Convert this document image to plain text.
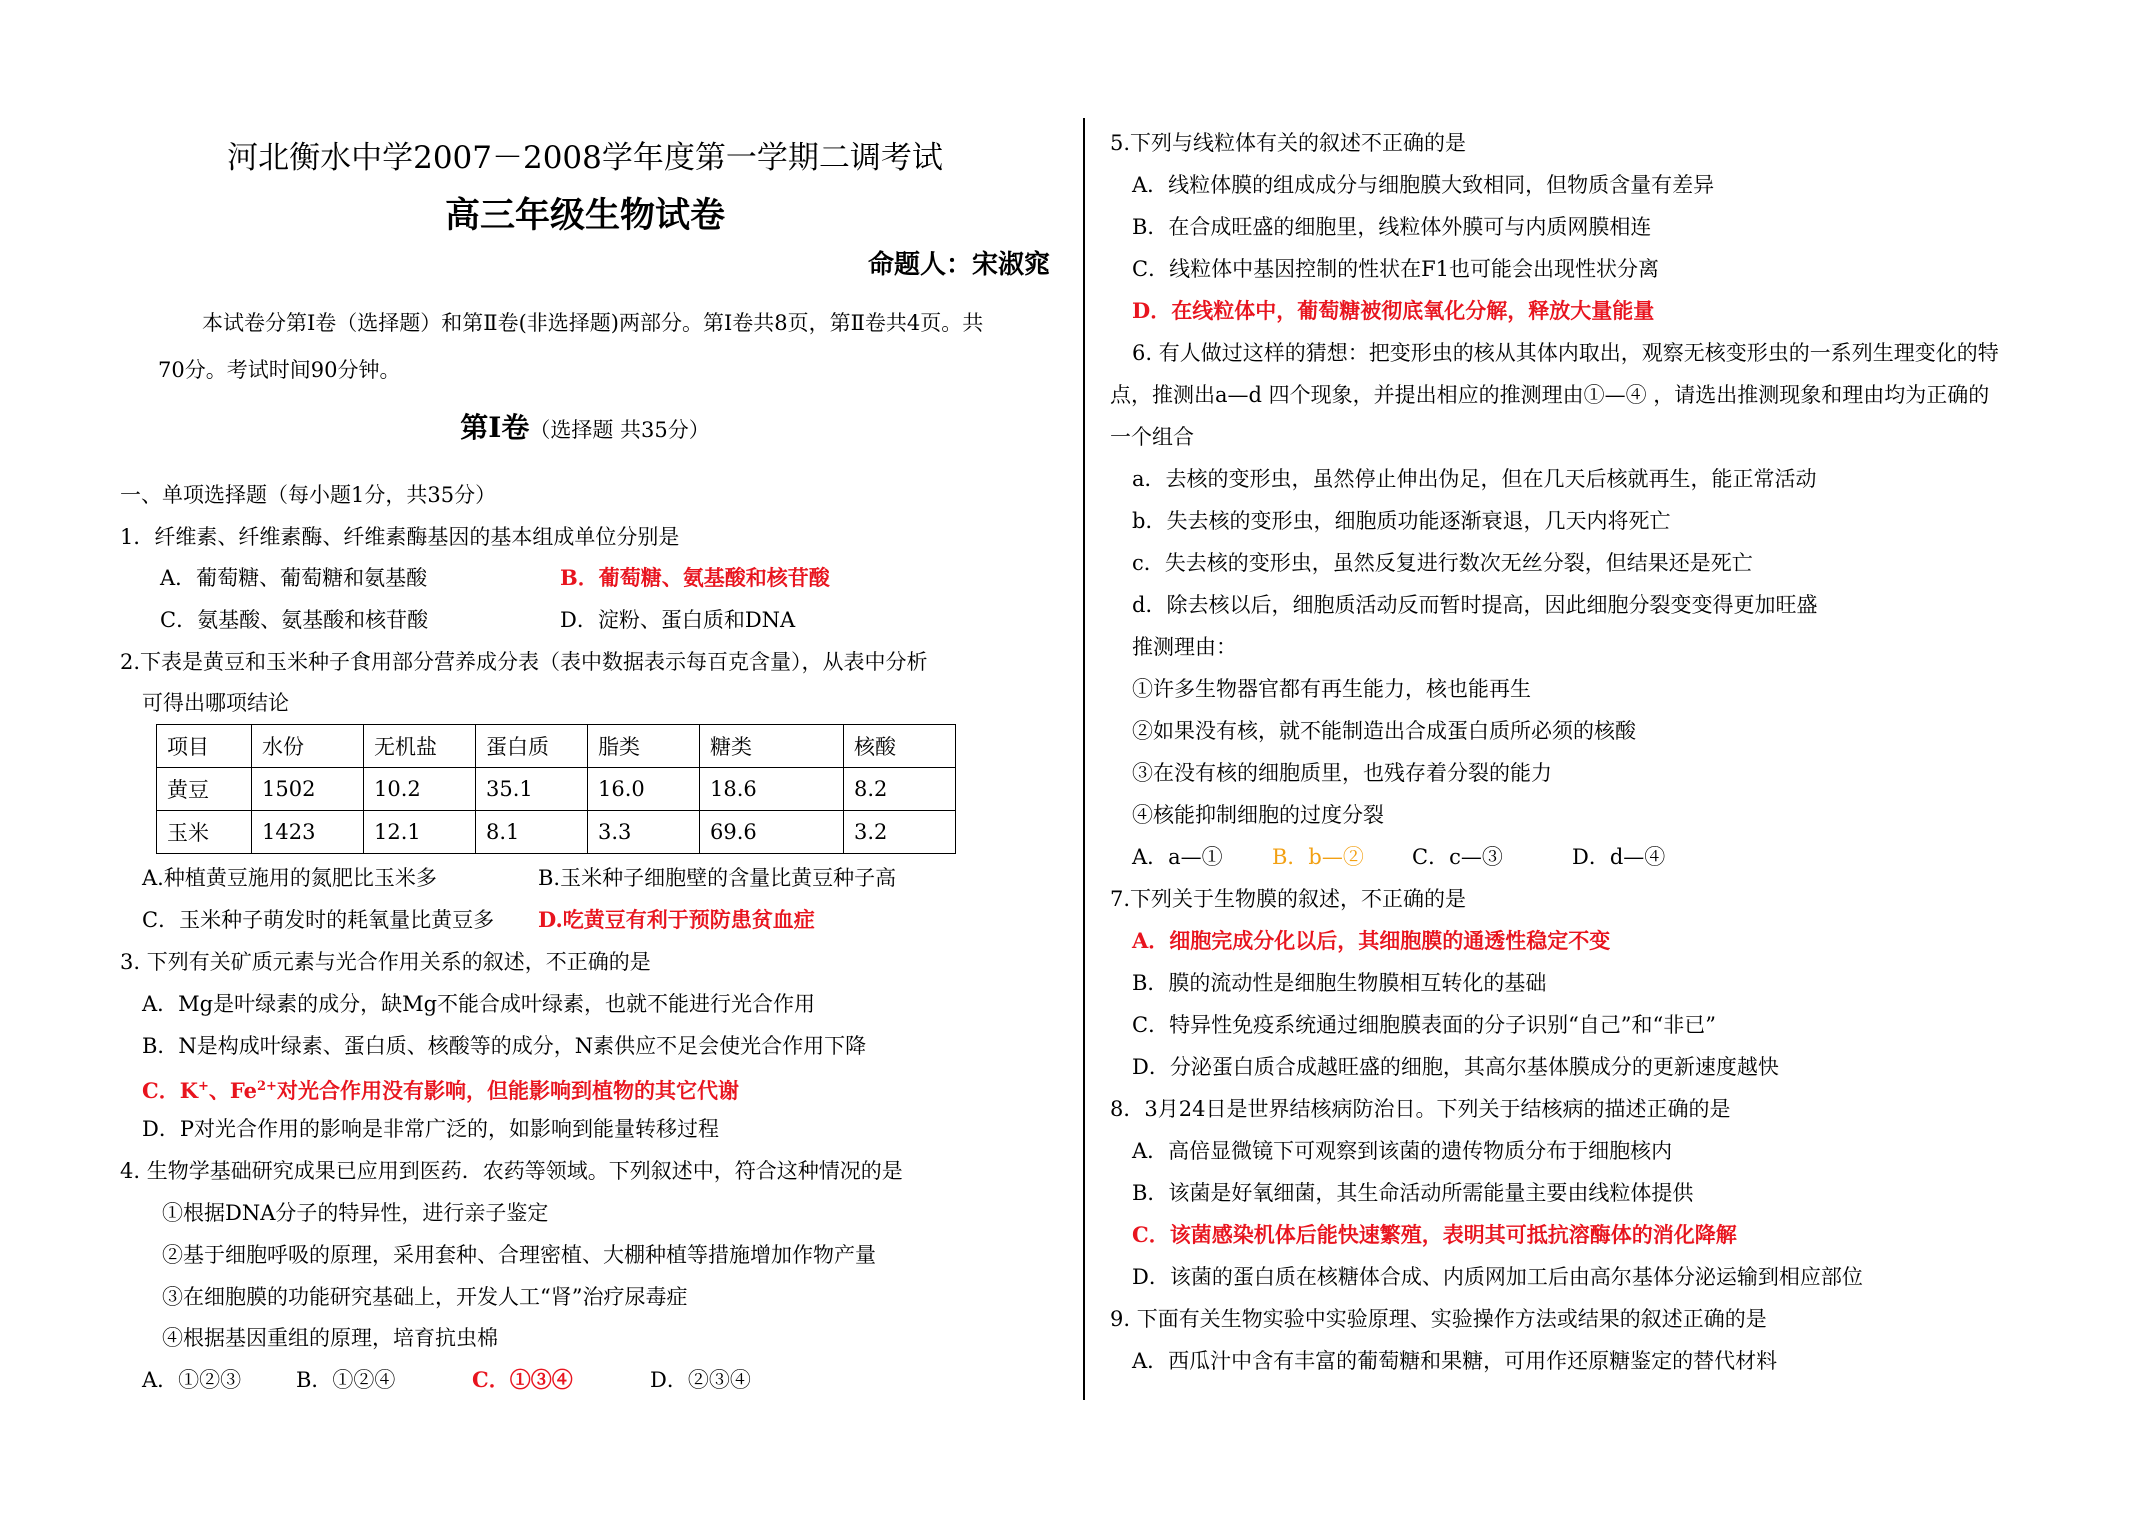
河北衡水中学2007－2008学年度第一学期二调考试
高三年级生物试卷
命题人：宋淑窕
本试卷分第Ⅰ卷（选择题）和第Ⅱ卷(非选择题)两部分。第Ⅰ卷共8页，第Ⅱ卷共4页。共
70分。考试时间90分钟。
第Ⅰ卷（选择题 共35分）
一、单项选择题（每小题1分，共35分）
1．纤维素、纤维素酶、纤维素酶基因的基本组成单位分别是
A．葡萄糖、葡萄糖和氨基酸	B．葡萄糖、氨基酸和核苷酸
C．氨基酸、氨基酸和核苷酸	D．淀粉、蛋白质和DNA
2.下表是黄豆和玉米种子食用部分营养成分表（表中数据表示每百克含量），从表中分析
可得出哪项结论
项目	水份	无机盐	蛋白质	脂类	糖类	核酸
黄豆	1502	10.2	35.1	16.0	18.6	8.2
玉米	1423	12.1	8.1	3.3	69.6	3.2
A.种植黄豆施用的氮肥比玉米多	B.玉米种子细胞壁的含量比黄豆种子高
C．玉米种子萌发时的耗氧量比黄豆多 D.吃黄豆有利于预防患贫血症
3. 下列有关矿质元素与光合作用关系的叙述，不正确的是
A．Mg是叶绿素的成分，缺Mg不能合成叶绿素，也就不能进行光合作用
B．N是构成叶绿素、蛋白质、核酸等的成分，N素供应不足会使光合作用下降
C．K+、$Fe^{2+}$对光合作用没有影响，但能影响到植物的其它代谢
D．P对光合作用的影响是非常广泛的，如影响到能量转移过程
4. 生物学基础研究成果已应用到医药．农药等领域。下列叙述中，符合这种情况的是
①根据DNA分子的特异性，进行亲子鉴定
②基于细胞呼吸的原理，采用套种、合理密植、大棚种植等措施增加作物产量
③在细胞膜的功能研究基础上，开发人工“肾”治疗尿毒症
④根据基因重组的原理，培育抗虫棉
A．①②③	B．①②④	C．①③④	D．②③④
5.下列与线粒体有关的叙述不正确的是
A．线粒体膜的组成成分与细胞膜大致相同，但物质含量有差异
B．在合成旺盛的细胞里，线粒体外膜可与内质网膜相连
C．线粒体中基因控制的性状在F1也可能会出现性状分离
D．在线粒体中，葡萄糖被彻底氧化分解，释放大量能量
6. 有人做过这样的猜想：把变形虫的核从其体内取出，观察无核变形虫的一系列生理变化的特
点，推测出a—d 四个现象，并提出相应的推测理由①—④ ，请选出推测现象和理由均为正确的
一个组合
a．去核的变形虫，虽然停止伸出伪足，但在几天后核就再生，能正常活动
b．失去核的变形虫，细胞质功能逐渐衰退，几天内将死亡
c．失去核的变形虫，虽然反复进行数次无丝分裂，但结果还是死亡
d．除去核以后，细胞质活动反而暂时提高，因此细胞分裂变变得更加旺盛
推测理由：
①许多生物器官都有再生能力，核也能再生
②如果没有核，就不能制造出合成蛋白质所必须的核酸
③在没有核的细胞质里，也残存着分裂的能力
④核能抑制细胞的过度分裂
A．a—① B．b—② C．c—③	D．d—④
7.下列关于生物膜的叙述，不正确的是
A．细胞完成分化以后，其细胞膜的通透性稳定不变
B．膜的流动性是细胞生物膜相互转化的基础
C．特异性免疫系统通过细胞膜表面的分子识别“自己”和“非已”
D．分泌蛋白质合成越旺盛的细胞，其高尔基体膜成分的更新速度越快
8．3月24日是世界结核病防治日。下列关于结核病的描述正确的是
A．高倍显微镜下可观察到该菌的遗传物质分布于细胞核内
B．该菌是好氧细菌，其生命活动所需能量主要由线粒体提供
C．该菌感染机体后能快速繁殖，表明其可抵抗溶酶体的消化降解
D．该菌的蛋白质在核糖体合成、内质网加工后由高尔基体分泌运输到相应部位
9. 下面有关生物实验中实验原理、实验操作方法或结果的叙述正确的是
A．西瓜汁中含有丰富的葡萄糖和果糖，可用作还原糖鉴定的替代材料
